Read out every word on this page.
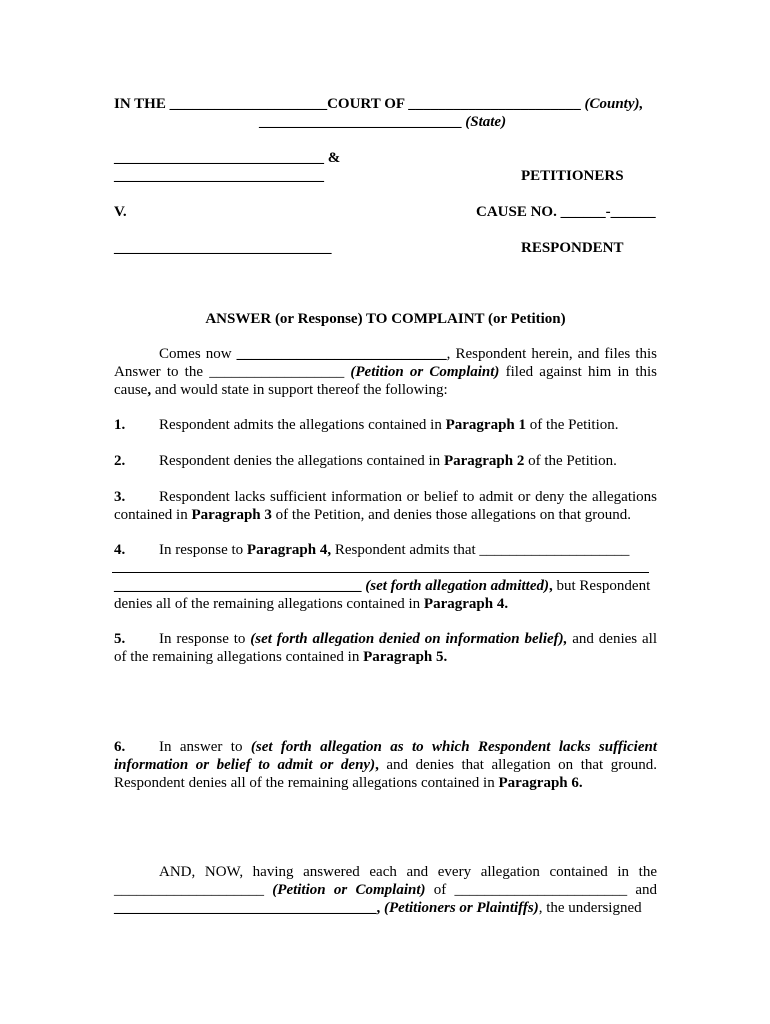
IN THE _____________________COURT OF _______________________ (County),
___________________________ (State)
____________________________ &
____________________________	PETITIONERS
V.	CAUSE NO. ______-______
_____________________________	RESPONDENT
ANSWER (or Response) TO COMPLAINT (or Petition)
Comes now ____________________________, Respondent herein, and files this Answer to the __________________ (Petition or Complaint) filed against him in this cause, and would state in support thereof the following:
1. Respondent admits the allegations contained in Paragraph 1 of the Petition.
2. Respondent denies the allegations contained in Paragraph 2 of the Petition.
3. Respondent lacks sufficient information or belief to admit or deny the allegations contained in Paragraph 3 of the Petition, and denies those allegations on that ground.
4. In response to Paragraph 4, Respondent admits that ____________________
_________________________________ (set forth allegation admitted), but Respondent denies all of the remaining allegations contained in Paragraph 4.
5. In response to (set forth allegation denied on information belief), and denies all of the remaining allegations contained in Paragraph 5.
6. In answer to (set forth allegation as to which Respondent lacks sufficient information or belief to admit or deny), and denies that allegation on that ground. Respondent denies all of the remaining allegations contained in Paragraph 6.
AND, NOW, having answered each and every allegation contained in the ____________________ (Petition or Complaint) of _______________________ and ___________________________________, (Petitioners or Plaintiffs), the undersigned
